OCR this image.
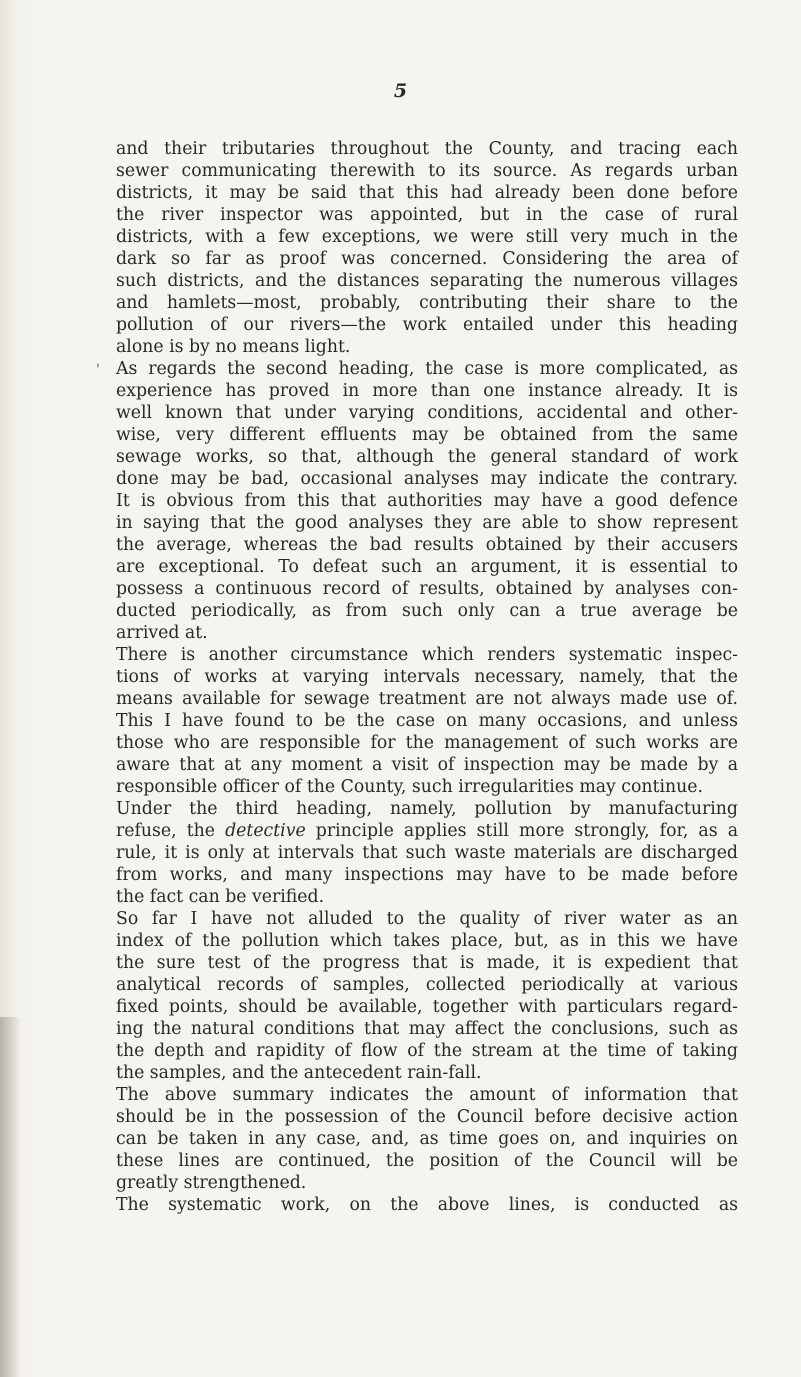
5
'
and their tributaries throughout the County, and tracing each
sewer communicating therewith to its source. As regards urban
districts, it may be said that this had already been done before
the river inspector was appointed, but in the case of rural
districts, with a few exceptions, we were still very much in the
dark so far as proof was concerned. Considering the area of
such districts, and the distances separating the numerous villages
and hamlets—most, probably, contributing their share to the
pollution of our rivers—the work entailed under this heading
alone is by no means light.
As regards the second heading, the case is more complicated, as
experience has proved in more than one instance already. It is
well known that under varying conditions, accidental and other-
wise, very different effluents may be obtained from the same
sewage works, so that, although the general standard of work
done may be bad, occasional analyses may indicate the contrary.
It is obvious from this that authorities may have a good defence
in saying that the good analyses they are able to show represent
the average, whereas the bad results obtained by their accusers
are exceptional. To defeat such an argument, it is essential to
possess a continuous record of results, obtained by analyses con-
ducted periodically, as from such only can a true average be
arrived at.
There is another circumstance which renders systematic inspec-
tions of works at varying intervals necessary, namely, that the
means available for sewage treatment are not always made use of.
This I have found to be the case on many occasions, and unless
those who are responsible for the management of such works are
aware that at any moment a visit of inspection may be made by a
responsible officer of the County, such irregularities may continue.
Under the third heading, namely, pollution by manufacturing
refuse, the detective principle applies still more strongly, for, as a
rule, it is only at intervals that such waste materials are discharged
from works, and many inspections may have to be made before
the fact can be verified.
So far I have not alluded to the quality of river water as an
index of the pollution which takes place, but, as in this we have
the sure test of the progress that is made, it is expedient that
analytical records of samples, collected periodically at various
fixed points, should be available, together with particulars regard-
ing the natural conditions that may affect the conclusions, such as
the depth and rapidity of flow of the stream at the time of taking
the samples, and the antecedent rain-fall.
The above summary indicates the amount of information that
should be in the possession of the Council before decisive action
can be taken in any case, and, as time goes on, and inquiries on
these lines are continued, the position of the Council will be
greatly strengthened.
The systematic work, on the above lines, is conducted as
